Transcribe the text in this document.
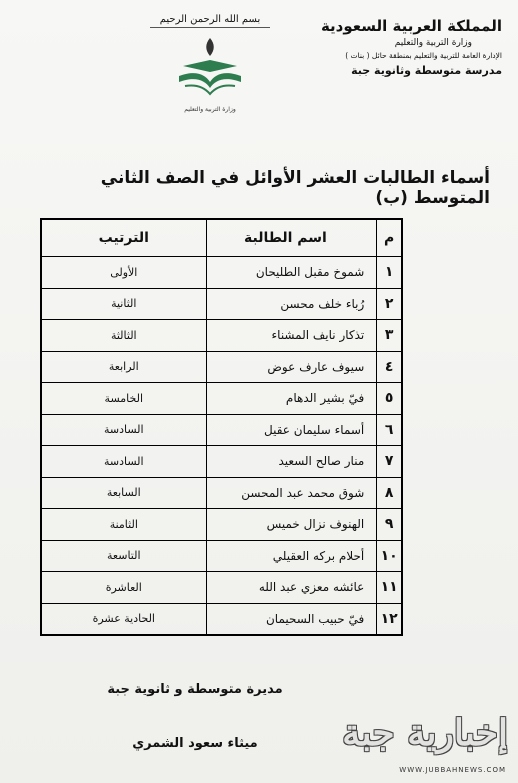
المملكة العربية السعودية
وزارة التربية والتعليم
الإدارة العامة للتربية والتعليم بمنطقة حائل ( بنات )
مدرسة متوسطة وثانوية جبة
بسم الله الرحمن الرحيم
وزارة التربية والتعليم
أسماء الطالبات العشر الأوائل في الصف الثاني المتوسط (ب)
م	اسم الطالبة	الترتيب
١	شموخ مقبل الطليحان	الأولى
٢	رُباء خلف محسن	الثانية
٣	تذكار نايف المشناء	الثالثة
٤	سيوف عارف عوض	الرابعة
٥	فيّ بشير الدهام	الخامسة
٦	أسماء سليمان عقيل	السادسة
٧	منار صالح السعيد	السادسة
٨	شوق محمد عبد المحسن	السابعة
٩	الهنوف نزال خميس	الثامنة
١٠	أحلام بركه العقيلي	التاسعة
١١	عائشه معزي عبد الله	العاشرة
١٢	فيّ حبيب السحيمان	الحادية عشرة
مديرة متوسطة و ثانوية جبة
ميثاء سعود الشمري	إخبارية جبة
WWW.JUBBAHNEWS.COM
